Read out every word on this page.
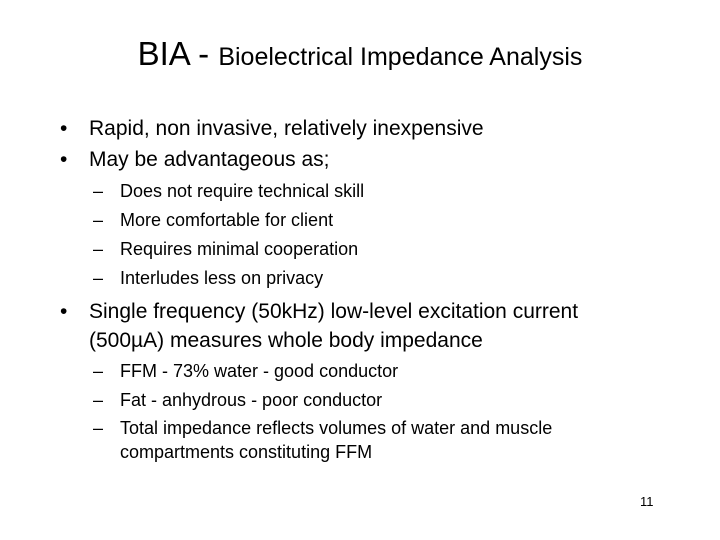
BIA - Bioelectrical Impedance Analysis
• Rapid, non invasive, relatively inexpensive
• May be advantageous as;
– Does not require technical skill
– More comfortable for client
– Requires minimal cooperation
– Interludes less on privacy
• Single frequency (50kHz) low-level excitation current
(500µA) measures whole body impedance
– FFM - 73% water - good conductor
– Fat - anhydrous - poor conductor
– Total impedance reflects volumes of water and muscle
compartments constituting FFM
11
